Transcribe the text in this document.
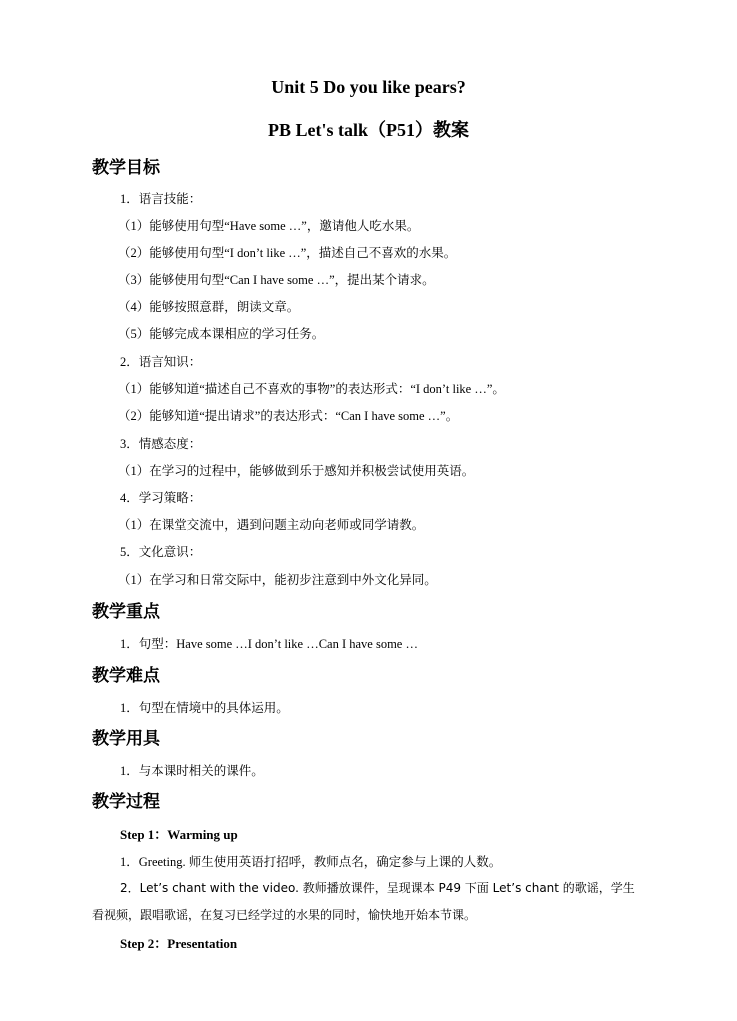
Unit 5 Do you like pears?
PB Let's talk（P51）教案
教学目标
1．语言技能：
（1）能够使用句型“Have some …”，邀请他人吃水果。
（2）能够使用句型“I don’t like …”，描述自己不喜欢的水果。
（3）能够使用句型“Can I have some …”，提出某个请求。
（4）能够按照意群，朗读文章。
（5）能够完成本课相应的学习任务。
2．语言知识：
（1）能够知道“描述自己不喜欢的事物”的表达形式：“I don’t like …”。
（2）能够知道“提出请求”的表达形式：“Can I have some …”。
3．情感态度：
（1）在学习的过程中，能够做到乐于感知并积极尝试使用英语。
4．学习策略：
（1）在课堂交流中，遇到问题主动向老师或同学请教。
5．文化意识：
（1）在学习和日常交际中，能初步注意到中外文化异同。
教学重点
1．句型：Have some …I don’t like …Can I have some …
教学难点
1．句型在情境中的具体运用。
教学用具
1．与本课时相关的课件。
教学过程
Step 1：Warming up
1．Greeting. 师生使用英语打招呼，教师点名，确定参与上课的人数。
2．Let’s chant with the video. 教师播放课件，呈现课本 P49 下面 Let’s chant 的歌谣，学生看视频，跟唱歌谣，在复习已经学过的水果的同时，愉快地开始本节课。
Step 2：Presentation
